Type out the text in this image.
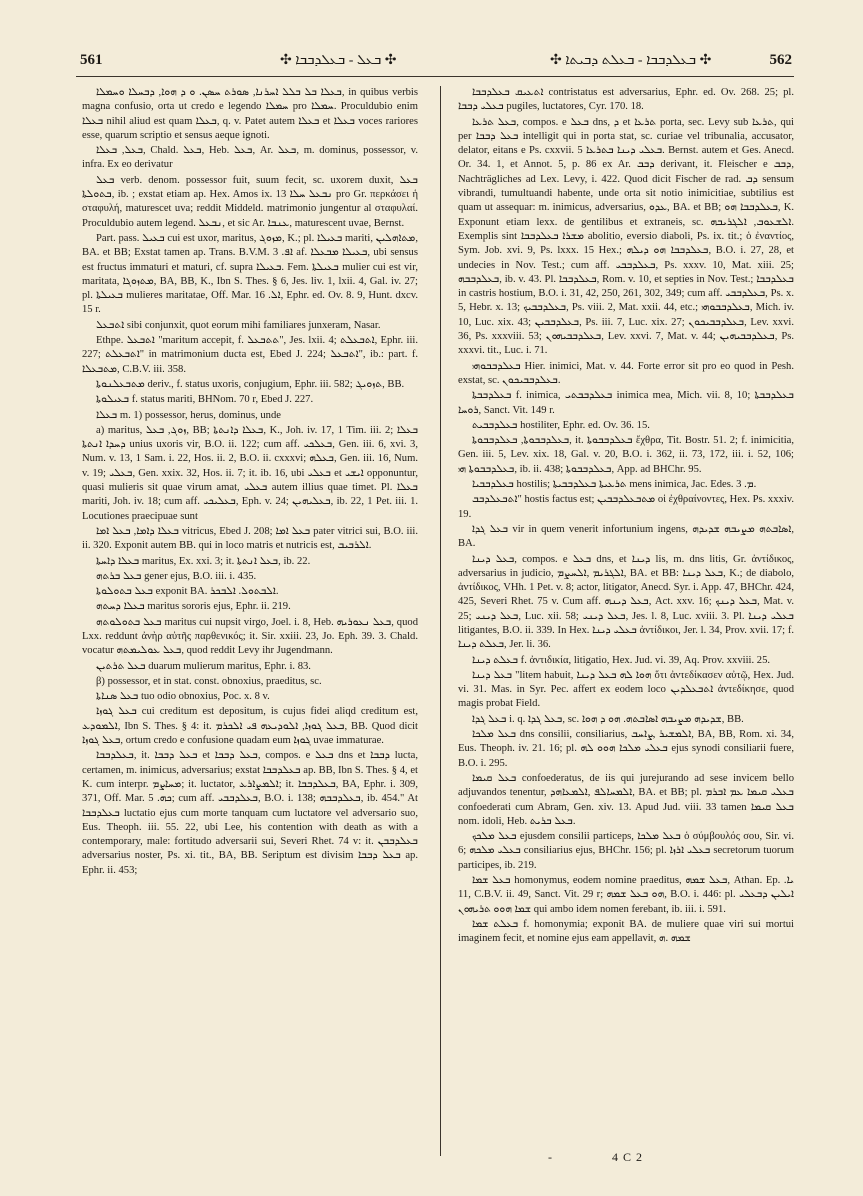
561	✣ ܒܥܠ - ܒܥܠܕܒܒܐ ✣	✣ ܒܥܠܕܒܒܐ - ܒܥܠܬ ܕܒܝܬܐ ✣	562

ܒܥܠܐ ܒܠ ܒܠܠ ܐܚܪܢܐ, ܣܘܪܬ ܚܣܢ. ܘ ܕ ܗܘܐ, ܕܒܚܠܐ ܘܚܡܠܐ, in quibus verbis magna confusio, orta ut credo e legendo ܚܡܠܐ pro ܚܡܠܐ. Proculdubio enim ܒܥܠܐ nihil aliud est quam ܒܥܠܐ, q. v. Patet autem ܒܥܠܐ et ܒܥܠܐ voces rariores esse, quarum scriptio et sensus aeque ignoti.

ܒܥܠ, ܒܥܠܐ, Chald. ܒܥܠ, Heb. ܒܥܠ, Ar. ܒܥܠ, m. dominus, possessor, v. infra. Ex eo derivatur

ܒܥܠ verb. denom. possessor fuit, suum fecit, sc. uxorem duxit, ܒܥܠ ܒܬܘܠܬܐ, ib. ; exstat etiam ap. Hex. Amos ix. 13 ܢܒܥܠ ܚܠܐ pro Gr. περκάσει ἡ σταφυλή, maturescet uva; reddit Middeld. matrimonio jungentur al σταφυλαί. Proculdubio autem legend. ܢܒܥܠ, et sic Ar. ܥܢܒܐ, maturescent uvae, Bernst.

Part. pass. ܒܥܝܠ cui est uxor, maritus, ܡܙܘܓ, K.; pl. ܒܥܝܠܐ mariti, ܡܬܐܗܠܝܢ, BA. et BB; Exstat tamen ap. Trans. B.V.M. ܐܦ. 3 af. ܒܥܝܠܐ ܡܒܥܠܐ, ubi sensus est fructus immaturi et maturi, cf. supra ܒܥܝܠܐ. Fem. ܒܥܝܠܬܐ mulier cui est vir, maritata, ܡܬܙܘܓܐ, BA, BB, K., Ibn S. Thes. § 6, Jes. liv. 1, lxii. 4, Gal. iv. 27; pl. ܒܥܝܠܬܐ mulieres maritatae, Off. Mar. ܐܠ. 16, Ephr. ed. Ov. 8. 9, Hunt. dxcv. 15 r.

ܐܬܒܥܠ sibi conjunxit, quot eorum mihi familiares junxeram, Nasar.

Ethpe. ܐܬܒܥܠ "maritum accepit, f. ܬܬܒܥܠ", Jes. lxii. 4; ܐܬܒܥܠܬ, Ephr. iii. 227; ܐܬܒܥܠܬ" in matrimonium ducta est, Ebed J. 224; ܐܬܒܥܠ", ib.: part. f. ܡܬܒܥܠܐ, C.B.V. iii. 358.

ܡܬܒܥܠܢܘܬܐ deriv., f. status uxoris, conjugium, Ephr. iii. 582; ܬܙܘܝܓ, BB.

ܒܥܝܠܘܬܐ f. status mariti, BHNom. 70 r, Ebed J. 227.

ܒܥܠܐ m. 1) possessor, herus, dominus, unde

a) maritus, ܙܘܓ, ܒܥܠ, BB; ܒܥܠܐ ܕܐܢܬܬܐ, K., Joh. iv. 17, 1 Tim. iii. 2; ܒܥܠܐ ܕܚܕܐ ܐܢܬܬܐ unius uxoris vir, B.O. ii. 122; cum aff. ܒܥܠܟܝ, Gen. iii. 6, xvi. 3, Num. v. 13, 1 Sam. i. 22, Hos. ii. 2, B.O. ii. cxxxvi; ܒܥܠܗ, Gen. iii. 16, Num. v. 19; ܒܥܠܝ, Gen. xxix. 32, Hos. ii. 7; it. ib. 16, ubi ܒܥܠܝ et ܐܝܫܝ opponuntur, quasi mulieris sit quae virum amat, ܒܥܠܝ autem illius quae timet. Pl. ܒܥܠܐ mariti, Joh. iv. 18; cum aff. ܒܥܠܝܟܝ, Eph. v. 24; ܒܥܠܝܗܝܢ, ib. 22, 1 Pet. iii. 1. Locutiones praecipuae sunt

ܒܥܠܐ ܕܐܡܐ, ܒܥܠ ܐܡܐ vitricus, Ebed J. 208; ܒܥܠ ܐܡܐ pater vitrici sui, B.O. iii. ii. 320. Exponit autem BB. qui in loco matris et nutricis est, ܐܠܪܒܝܒ.

ܒܥܠܐ ܕܐܚܬܐ maritus, Ex. xxi. 3; it. ܒܥܠ ܐܢܬܬܐ, ib. 22.

ܒܥܠ ܒܪܬܗ gener ejus, B.O. iii. i. 435.

ܒܥܠ ܒܬܘܠܘܬܐ exponit BA. ܐܠܒܬܘܠ. ܐܠܒܟܪ.

ܒܥܠܐ ܕܚܬܗ maritus sororis ejus, Ephr. ii. 219.

ܒܥܠ ܒܬܘܠܘܬܗ maritus cui nupsit virgo, Joel. i. 8, Heb. ܒܥܠ ܢܥܘܪܝܗ, quod Lxx. reddunt ἀνὴρ αὐτῆς παρθενικός; it. Sir. xxiii. 23, Jo. Eph. 39. 3. Chald. vocatur ܒܥܠ ܥܘܠܝܡܬܗ, quod reddit Levy ihr Jugendmann.

ܒܥܠ ܬܪܬܝܢ duarum mulierum maritus, Ephr. i. 83.

β) possessor, et in stat. const. obnoxius, praeditus, sc.

ܒܥܠ ܣܢܐܬܐ tuo odio obnoxius, Poc. x. 8 v.

ܒܥܠ ܓܘܙܐ cui creditum est depositum, is cujus fidei aliqd creditum est, ܐܠܡܘܕܥ, Ibn S. Thes. § 4: it. ܒܥܠ ܓܘܙܐ, ܐܠܘܕܝܥܗ ܦܝ ܐܠܟܪܡ, BB. Quod dicit ܒܥܠ ܓܘܙܐ, ortum credo e confusione quadam eum ܓܘܙܐ uvae immaturae.

ܒܥܠܕܒܒܐ, it. ܒܥܠ ܕܒܒܐ et ܒܥܠ ܕܒܒܐ, compos. e ܒܥܠ dns et ܕܒܒܐ lucta, certamen, m. inimicus, adversarius; exstat ܒܥܠܕܒܒܐ ap. BB, Ibn S. Thes. § 4, et K. cum interpr. ܡܚܐܨܡ; it. luctator, ܐܠܡܨܐܪܥ; it. ܒܥܠܕܒܒܐ, BA, Ephr. i. 309, 371, Off. Mar. ܟܗ. 5; cum aff. ܒܥܠܕܒܒܝ, B.O. i. 138; ܒܥܠܕܒܒܗ, ib. 454." At ܒܥܠܕܒܒܐ luctatio ejus cum morte tanquam cum luctatore vel adversario suo, Eus. Theoph. iii. 55. 22, ubi Lee, his contention with death as with a contemporary, male: fortitudo adversarii sui, Severi Rhet. 74 v: it. ܒܥܠܕܒܒܢ adversarius noster, Ps. xi. tit., BA, BB. Seriptum est divisim ܒܥܠ ܕܒܒܐ ap. Ephr. ii. 453;

ܐܬܥܝܩ ܒܥܠܕܒܒܐ contristatus est adversarius, Ephr. ed. Ov. 268. 25; pl. ܒܥܠܝ ܕܒܒܐ pugiles, luctatores, Cyr. 170. 18.

ܒܥܠ ܬܪܥܐ, compos. e ܒܥܠ dns, ܕ et ܬܪܥܐ porta, sec. Levy sub ܬܪܥܐ, qui per ܒܥܠ ܕܒܒܐ intelligit qui in porta stat, sc. curiae vel tribunalia, accusator, delator, eitans e Ps. cxxvii. 5 ܒܥܠܝ ܕܝܢܐ ܒܬܪܥܐ. Bernst. autem et Ges. Anecd. Or. 34. 1, et Annot. 5, p. 86 ex Ar. ܕܒܒ derivant, it. Fleischer e ܕܒܒ, Nachträgliches ad Lex. Levy, i. 422. Quod dicit Fischer de rad. ܕܒ sensum vibrandi, tumultuandi habente, unde orta sit notio inimicitiae, subtilius est quam ut assequar: m. inimicus, adversarius, ܥܕܘ, BA. et BB; ܒܥܠܕܒܒܐ ܗܘ, K. Exponunt etiam lexx. de gentilibus et extraneis, sc. ܐܠܫܥܘܒ, ܐܠܓܪܝܒܗ. Exemplis sint ܡܫܪܐ ܒܥܠܕܒܒܐ abolitio, eversio diaboli, Ps. ix. tit.; ὁ ἐναντίος, Sym. Job. xvi. 9, Ps. lxxx. 15 Hex.; ܒܥܠܕܒܒܐ ܗܘ ܕܝܠܗ, B.O. i. 27, 28, et undecies in Nov. Test.; cum aff. ܒܥܠܕܒܒܝ, Ps. xxxv. 10, Mat. xiii. 25; ܒܥܠܕܒܒܗ, ib. v. 43. Pl. ܒܥܠܕܒܒܐ, Rom. v. 10, et septies in Nov. Test.; ܒܥܠܕܒܒܐ in castris hostium, B.O. i. 31, 42, 250, 261, 302, 349; cum aff. ܒܥܠܕܒܒܝ, Ps. x. 5, Hebr. x. 13; ܒܥܠܕܒܒܝܟ, Ps. viii. 2, Mat. xxii. 44, etc.; ܒܥܠܕܒܒܘܗܝ, Mich. iv. 10, Luc. xix. 43; ܒܥܠܕܒܒܝܢ, Ps. iii. 7, Luc. xix. 27; ܒܥܠܕܒܒܝܟܘܢ, Lev. xxvi. 36, Ps. xxxviii. 53; ܒܥܠܕܒܒܝܗܘܢ, Lev. xxvi. 7, Mat. v. 44; ܒܥܠܕܒܒܝܗܝܢ, Ps. xxxvi. tit., Luc. i. 71.

ܒܥܠܕܒܒܘܗܝ Hier. inimici, Mat. v. 44. Forte error sit pro eo quod in Pesh. exstat, sc. ܒܥܠܕܒܒܝܟܘܢ.

ܒܥܠܕܒܒܬܐ f. inimica, ܒܥܠܕܒܒܬܝ inimica mea, Mich. vii. 8, 10; ܒܥܠܕܒܒܬܐ ܪܘܚܐ, Sanct. Vit. 149 r.

ܒܥܠܕܒܒܝܬ hostiliter, Ephr. ed. Ov. 36. 15.

ܒܥܠܕܒܒܘܬܐ, ܒܥܠܕܒܒܘܬܐ, it. ܒܥܠܕܒܒܘܬܐ ἔχθρα, Tit. Bostr. 51. 2; f. inimicitia, Gen. iii. 5, Lev. xix. 18, Gal. v. 20, B.O. i. 362, ii. 73, 172, iii. i. 52, 106; ܒܥܠܕܒܒܘܬܐ ܗܝ, ib. ii. 438; ܒܥܠܕܒܒܘܬܐ, App. ad BHChr. 95.

ܒܥܠܕܒܒܝܐ hostilis; ܬܪܥܝܬܐ ܒܥܠܕܒܒܝܬܐ mens inimica, Jac. Edes. ܡ. 3.

ܐܬܒܥܠܕܒܒ" hostis factus est; ܡܬܒܥܠܕܒܒܝܢ οἱ ἐχθραίνοντες, Hex. Ps. xxxiv. 19.

ܒܥܠ ܓܕܐ vir in quem venerit infortunium ingens, ܐܣܐܒܬܗ ܡܨܝܒܗ ܫܕܝܕܗ, BA.

ܒܥܠ ܕܝܢܐ, compos. e ܒܥܠ dns, et ܕܝܢܐ lis, m. dns litis, Gr. ἀντίδικος, adversarius in judicio, ܐܠܓܪܝܡ ,ܐܠܚܨܡ, BA. et BB: ܒܥܠ ܕܝܢܐ, K.; de diabolo, ἀντίδικος, VHh. 1 Pet. v. 8; actor, litigator, Anecd. Syr. i. App. 47, BHChr. 424, 425, Severi Rhet. 75 v. Cum aff. ܒܥܠ ܕܝܢܗ, Act. xxv. 16; ܒܥܠ ܕܝܢܟ, Mat. v. 25; ܒܥܠ ܕܝܢܝ, Luc. xii. 58; ܒܥܠ ܕܝܢܝ, Jes. l. 8, Luc. xviii. 3. Pl. ܒܥܠܝ ܕܝܢܐ litigantes, B.O. ii. 339. In Hex. ܒܥܠܝ ܕܝܢܐ ἀντίδικοι, Jer. l. 34, Prov. xvii. 17; f. ܒܥܠܬ ܕܝܢܐ, Jer. li. 36.

ܒܥܠܬ ܕܝܢܐ f. ἀντιδικία, litigatio, Hex. Jud. vi. 39, Aq. Prov. xxviii. 25.

ܒܥܠ ܕܝܢܐ "litem habuit, ܗܘܐ ܠܗ ܒܥܠ ܕܝܢܐ ὅτι ἀντεδίκασεν αὐτῷ, Hex. Jud. vi. 31. Mas. in Syr. Pec. affert ex eodem loco ܐܬܒܥܠܕܝܢ ἀντεδίκησε, quod magis probat Field.

ܒܥܠ ܓܕܐ i. q. ܒܥܠ ܓܕܐ, sc. ܫܕܝܕܗ ܡܨܝܒܗ ܐܣܐܒܬܗ. ܗܘ ܕ ܗܘܐ, BB.

ܒܥܠ ܡܠܟܐ dns consilii, consiliarius, ܐܠܡܫܝܪ ,ܨܐܚܒ, BA, BB, Rom. xi. 34, Eus. Theoph. iv. 21. 16; pl. ܒܥܠܝ ܡܠܟܐ ܗܘܘ ܠܗ ejus synodi consiliarii fuere, B.O. i. 295.

ܒܥܠ ܩܝܡܐ confoederatus, de iis qui jurejurando ad sese invicem bello adjuvandos tenentur, ܐܠܡܚܐܠܦ ,ܐܠܡܥܐܗܕ, BA. et BB; pl. ܒܥܠܝ ܩܝܡܐ ܥܡ ܐܒܪܡ confoederati cum Abram, Gen. xiv. 13. Apud Jud. viii. 33 tamen ܒܥܠ ܩܝܡܐ nom. idoli, Heb. ܒܥܠ ܒܪܝܬ.

ܒܥܠ ܡܠܟܟ ejusdem consilii particeps, ܒܥܠ ܡܠܟܐ ὁ σύμβουλός σου, Sir. vi. 6; ܒܥܠܝ ܡܠܟܗ consiliarius ejus, BHChr. 156; pl. ܒܥܠܝ ܐܪܙܐ secretorum tuorum participes, ib. 219.

ܒܥܠ ܫܡܐ homonymus, eodem nomine praeditus, ܒܥܠ ܫܡܗ, Athan. Ep. ܝܐ. 11, C.B.V. ii. 49, Sanct. Vit. 29 r; ܗܘ ܒܥܠ ܫܡܗ, B.O. i. 446: pl. ܐܝܠܝܢ ܕܒܥܠܝ ܫܡܐ ܗܘܘ ܬܪܝܗܘܢ qui ambo idem nomen ferebant, ib. iii. i. 591.

ܒܥܠܬ ܫܡܐ f. homonymia; exponit BA. de muliere quae viri sui mortui imaginem fecit, et nomine ejus eam appellavit, ܫܡܗ .ܗ

-	4 C 2
